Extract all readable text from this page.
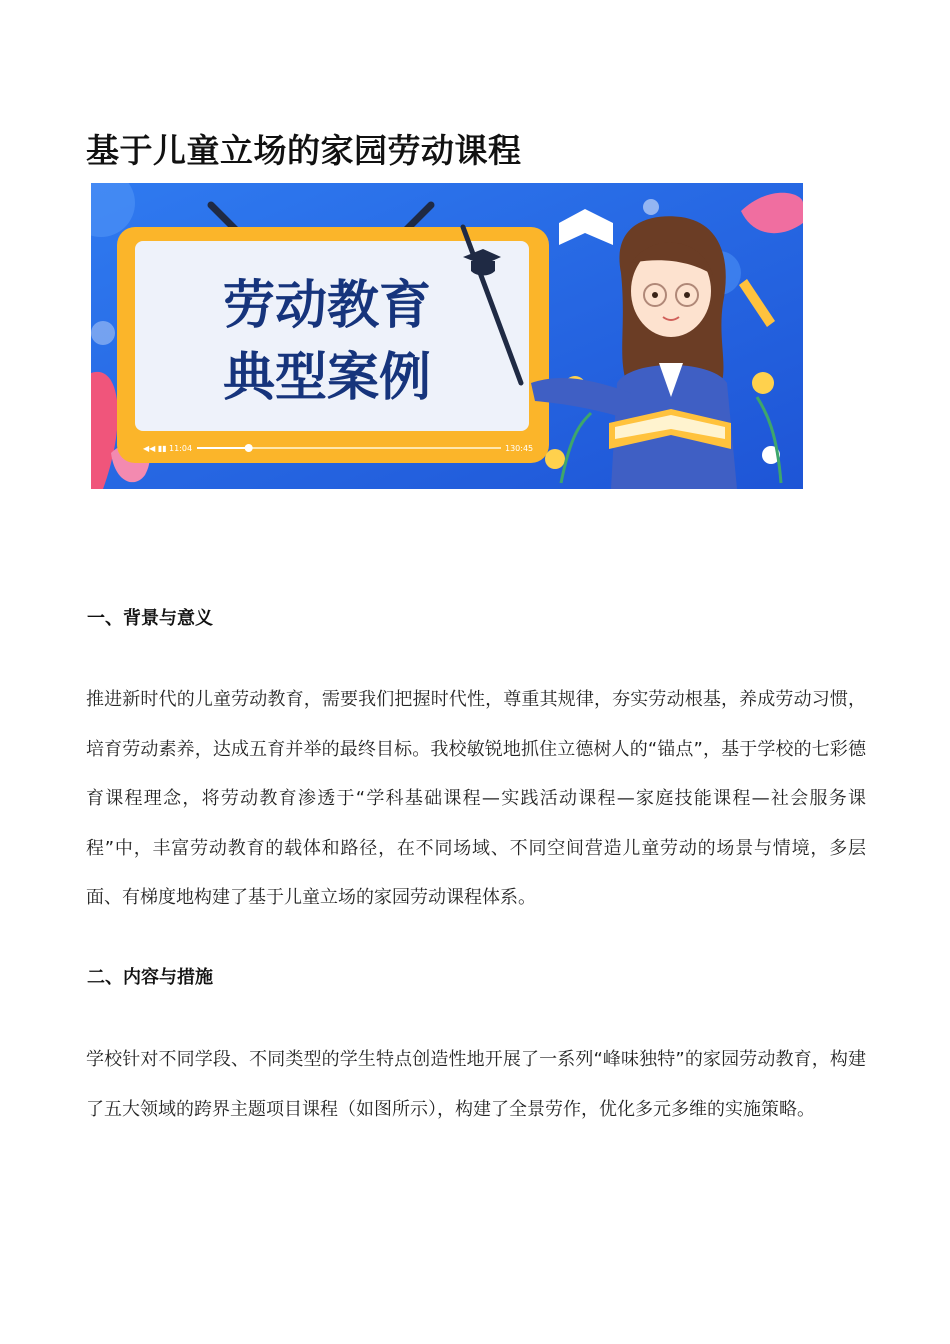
基于儿童立场的家园劳动课程
劳动教育
典型案例
◀◀ ▮▮ 11:04	130:45
一、背景与意义

推进新时代的儿童劳动教育，需要我们把握时代性，尊重其规律，夯实劳动根基，养成劳动习惯，培育劳动素养，达成五育并举的最终目标。我校敏锐地抓住立德树人的“锚点”，基于学校的七彩德育课程理念，将劳动教育渗透于“学科基础课程—实践活动课程—家庭技能课程—社会服务课程”中，丰富劳动教育的载体和路径，在不同场域、不同空间营造儿童劳动的场景与情境，多层面、有梯度地构建了基于儿童立场的家园劳动课程体系。

二、内容与措施

学校针对不同学段、不同类型的学生特点创造性地开展了一系列“峰味独特”的家园劳动教育，构建了五大领域的跨界主题项目课程（如图所示），构建了全景劳作，优化多元多维的实施策略。
